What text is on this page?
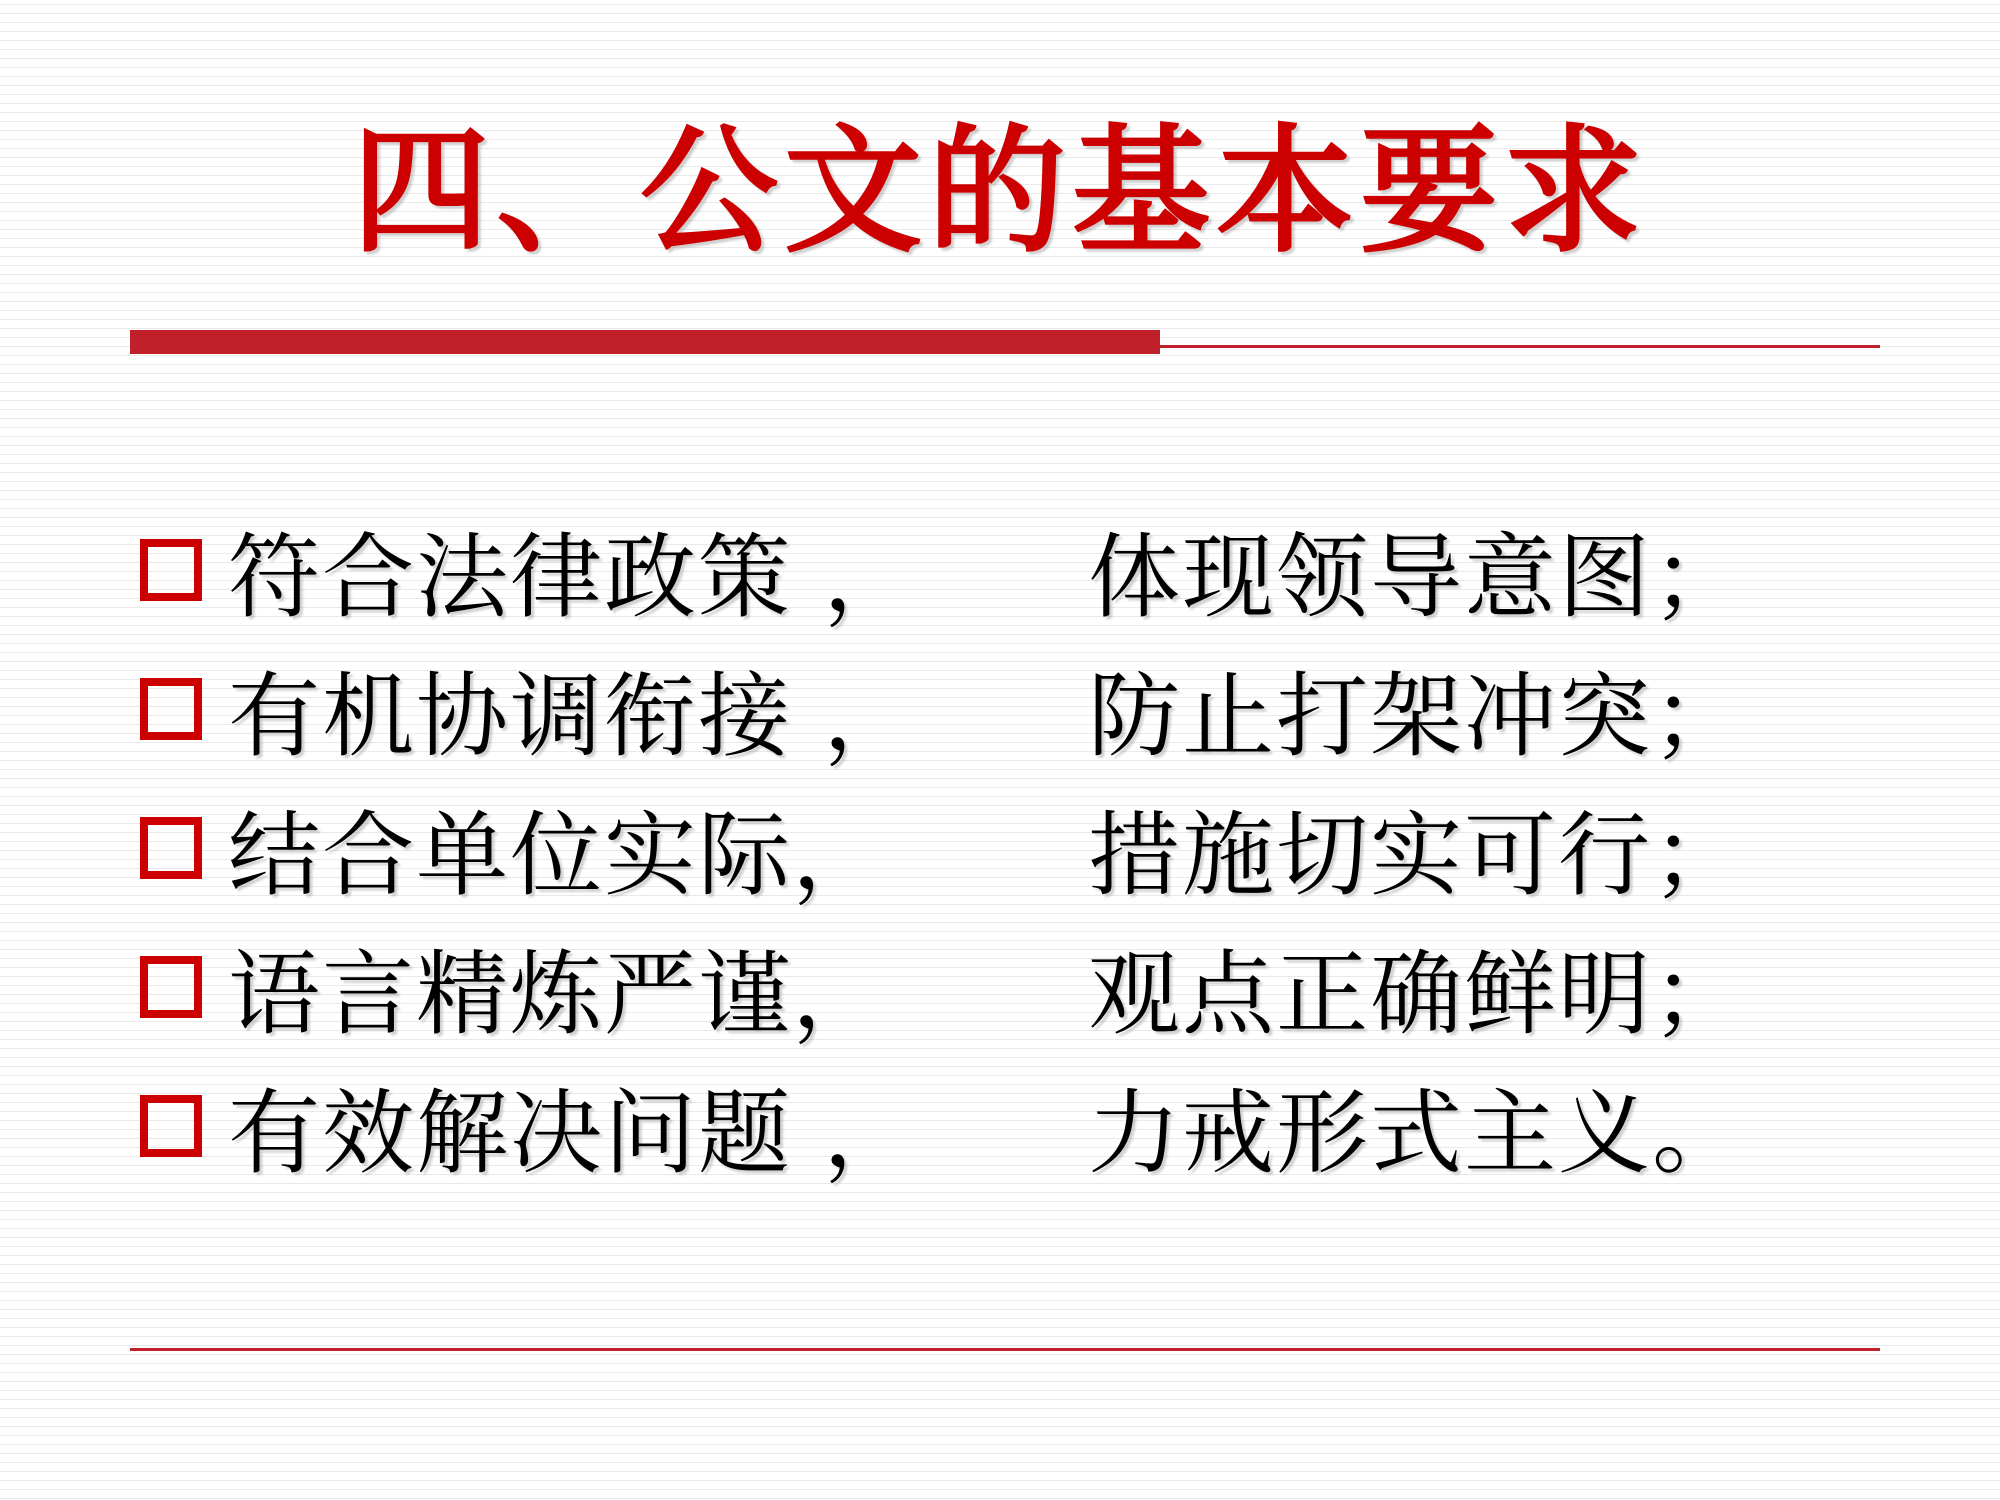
四、公文的基本要求
符合法律政策 ，	体现领导意图；
有机协调衔接 ，	防止打架冲突；
结合单位实际，	措施切实可行；
语言精炼严谨，	观点正确鲜明；
有效解决问题 ，	力戒形式主义。
